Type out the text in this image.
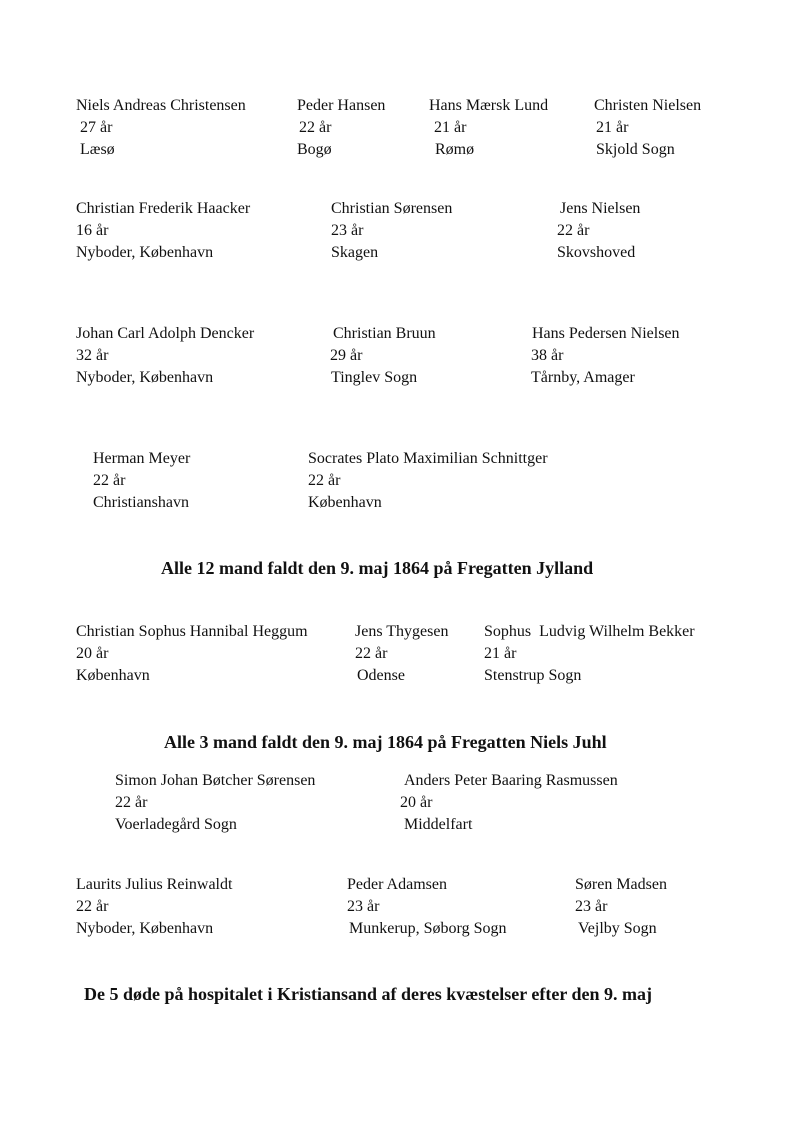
Niels Andreas Christensen
27 år
Læsø
Peder Hansen
22 år
Bogø
Hans Mærsk Lund
21 år
Rømø
Christen Nielsen
21 år
Skjold Sogn
Christian Frederik Haacker
16 år
Nyboder, København
Christian Sørensen
23 år
Skagen
Jens Nielsen
22 år
Skovshoved
Johan Carl Adolph Dencker
32 år
Nyboder, København
Christian Bruun
29 år
Tinglev Sogn
Hans Pedersen Nielsen
38 år
Tårnby, Amager
Herman Meyer
22 år
Christianshavn
Socrates Plato Maximilian Schnittger
22 år
København
Alle 12 mand faldt den 9. maj 1864 på Fregatten Jylland
Christian Sophus Hannibal Heggum
20 år
København
Jens Thygesen
22 år
Odense
Sophus  Ludvig Wilhelm Bekker
21 år
Stenstrup Sogn
Alle 3 mand faldt den 9. maj 1864 på Fregatten Niels Juhl
Simon Johan Bøtcher Sørensen
22 år
Voerladegård Sogn
Anders Peter Baaring Rasmussen
20 år
Middelfart
Laurits Julius Reinwaldt
22 år
Nyboder, København
Peder Adamsen
23 år
Munkerup, Søborg Sogn
Søren Madsen
23 år
Vejlby Sogn
De 5 døde på hospitalet i Kristiansand af deres kvæstelser efter den 9. maj
